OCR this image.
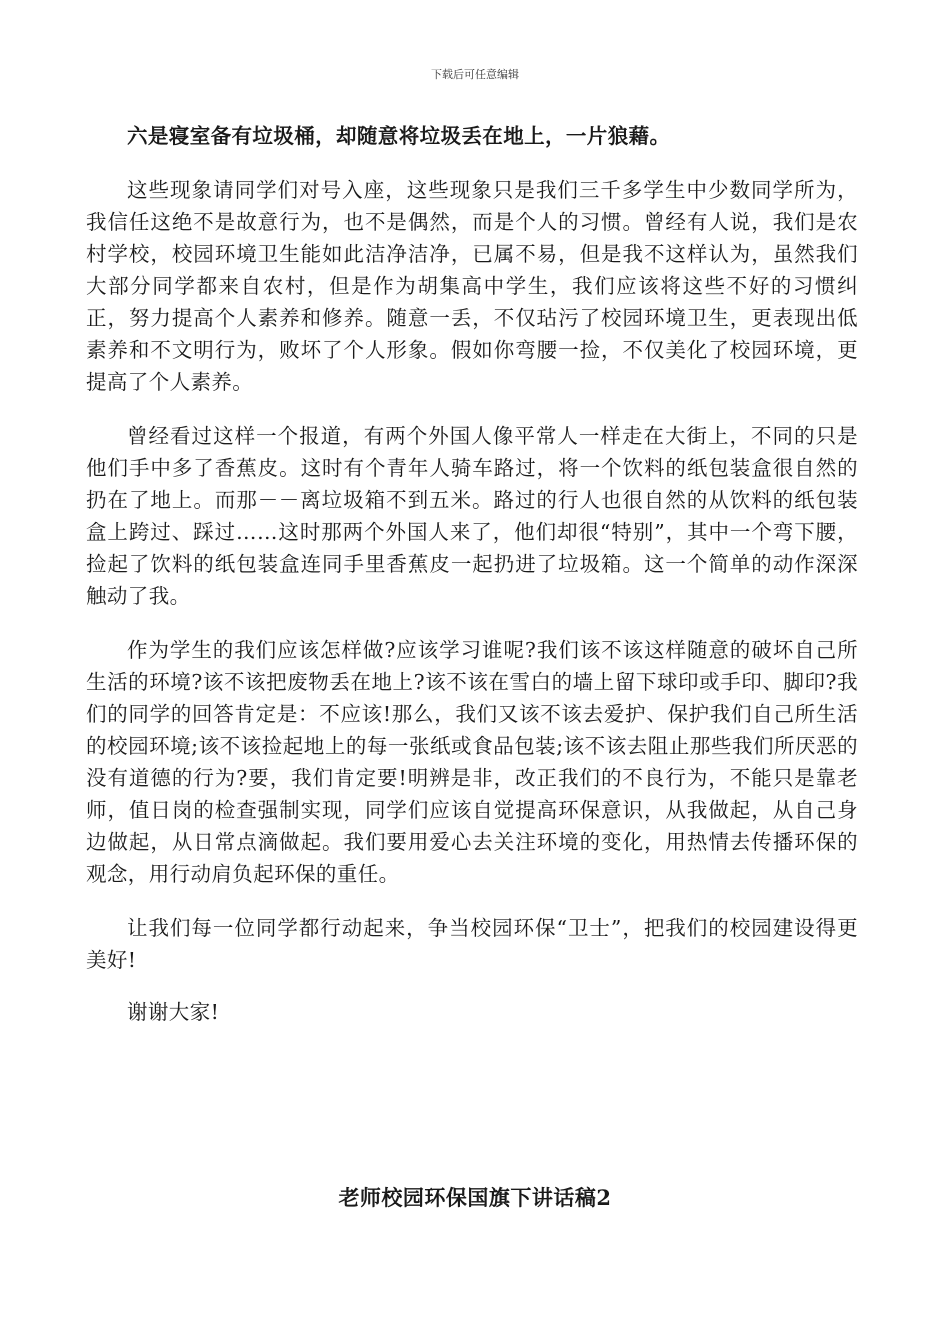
下载后可任意编辑

六是寝室备有垃圾桶，却随意将垃圾丢在地上，一片狼藉。

这些现象请同学们对号入座，这些现象只是我们三千多学生中少数同学所为，我信任这绝不是故意行为，也不是偶然，而是个人的习惯。曾经有人说，我们是农村学校，校园环境卫生能如此洁净洁净，已属不易，但是我不这样认为，虽然我们大部分同学都来自农村，但是作为胡集高中学生，我们应该将这些不好的习惯纠正，努力提高个人素养和修养。随意一丢，不仅玷污了校园环境卫生，更表现出低素养和不文明行为，败坏了个人形象。假如你弯腰一捡，不仅美化了校园环境，更提高了个人素养。

曾经看过这样一个报道，有两个外国人像平常人一样走在大街上，不同的只是他们手中多了香蕉皮。这时有个青年人骑车路过，将一个饮料的纸包装盒很自然的扔在了地上。而那－－离垃圾箱不到五米。路过的行人也很自然的从饮料的纸包装盒上跨过、踩过……这时那两个外国人来了，他们却很“特别”，其中一个弯下腰，捡起了饮料的纸包装盒连同手里香蕉皮一起扔进了垃圾箱。这一个简单的动作深深触动了我。

作为学生的我们应该怎样做?应该学习谁呢?我们该不该这样随意的破坏自己所生活的环境?该不该把废物丢在地上?该不该在雪白的墙上留下球印或手印、脚印?我们的同学的回答肯定是：不应该!那么，我们又该不该去爱护、保护我们自己所生活的校园环境;该不该捡起地上的每一张纸或食品包装;该不该去阻止那些我们所厌恶的没有道德的行为?要，我们肯定要!明辨是非，改正我们的不良行为，不能只是靠老师，值日岗的检查强制实现，同学们应该自觉提高环保意识，从我做起，从自己身边做起，从日常点滴做起。我们要用爱心去关注环境的变化，用热情去传播环保的观念，用行动肩负起环保的重任。

让我们每一位同学都行动起来，争当校园环保“卫士”，把我们的校园建设得更美好!

谢谢大家!

老师校园环保国旗下讲话稿2
